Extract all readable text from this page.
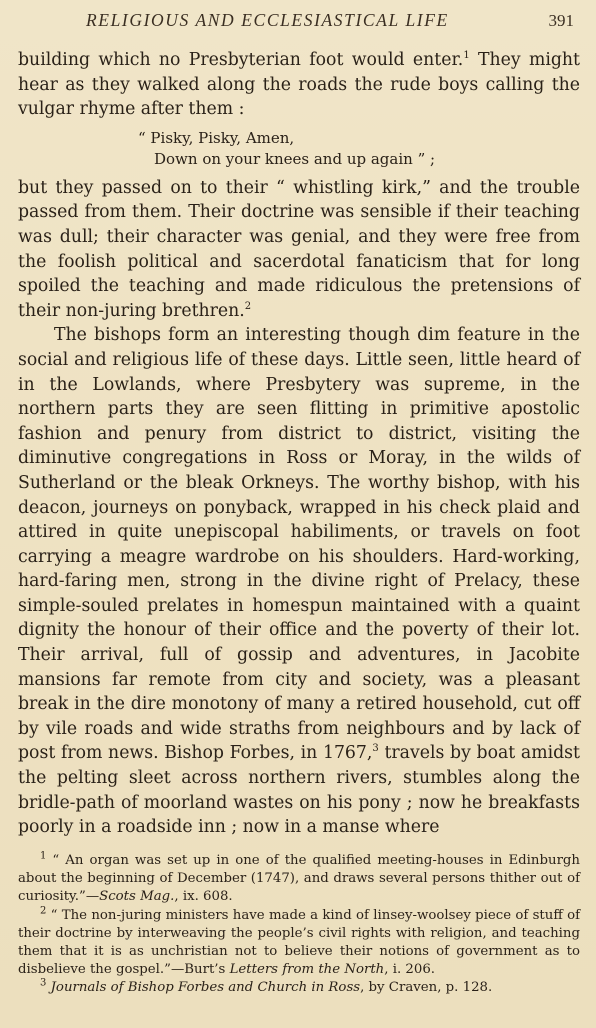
RELIGIOUS AND ECCLESIASTICAL LIFE	391

building which no Presbyterian foot would enter.$^1$ They might hear as they walked along the roads the rude boys calling the vulgar rhyme after them :

“ Pisky, Pisky, Amen,
Down on your knees and up again ” ;

but they passed on to their “ whistling kirk,” and the trouble passed from them. Their doctrine was sensible if their teaching was dull; their character was genial, and they were free from the foolish political and sacerdotal fanaticism that for long spoiled the teaching and made ridiculous the pretensions of their non-juring brethren.$^2$

The bishops form an interesting though dim feature in the social and religious life of these days. Little seen, little heard of in the Lowlands, where Presbytery was supreme, in the northern parts they are seen flitting in primitive apostolic fashion and penury from district to district, visiting the diminutive congregations in Ross or Moray, in the wilds of Sutherland or the bleak Orkneys. The worthy bishop, with his deacon, journeys on ponyback, wrapped in his check plaid and attired in quite unepiscopal habiliments, or travels on foot carrying a meagre wardrobe on his shoulders. Hard-working, hard-faring men, strong in the divine right of Prelacy, these simple-souled prelates in homespun maintained with a quaint dignity the honour of their office and the poverty of their lot. Their arrival, full of gossip and adventures, in Jacobite mansions far remote from city and society, was a pleasant break in the dire monotony of many a retired household, cut off by vile roads and wide straths from neighbours and by lack of post from news. Bishop Forbes, in 1767,$^3$ travels by boat amidst the pelting sleet across northern rivers, stumbles along the bridle-path of moorland wastes on his pony ; now he breakfasts poorly in a roadside inn ; now in a manse where

$^1$ “ An organ was set up in one of the qualified meeting-houses in Edinburgh about the beginning of December (1747), and draws several persons thither out of curiosity.”—Scots Mag., ix. 608.

$^2$ “ The non-juring ministers have made a kind of linsey-woolsey piece of stuff of their doctrine by interweaving the people’s civil rights with religion, and teaching them that it is as unchristian not to believe their notions of government as to disbelieve the gospel.”—Burt’s Letters from the North, i. 206.

$^3$ Journals of Bishop Forbes and Church in Ross, by Craven, p. 128.
